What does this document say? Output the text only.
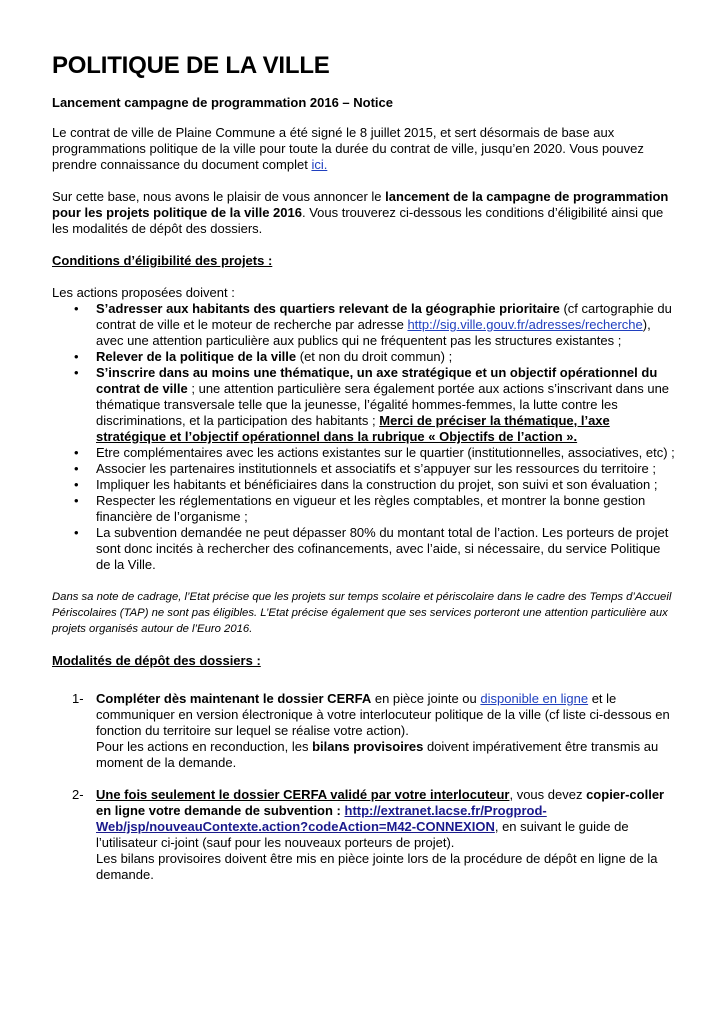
POLITIQUE DE LA VILLE
Lancement campagne de programmation 2016 – Notice

Le contrat de ville de Plaine Commune a été signé le 8 juillet 2015, et sert désormais de base aux programmations politique de la ville pour toute la durée du contrat de ville, jusqu’en 2020. Vous pouvez prendre connaissance du document complet ici.

Sur cette base, nous avons le plaisir de vous annoncer le lancement de la campagne de programmation pour les projets politique de la ville 2016. Vous trouverez ci-dessous les conditions d’éligibilité ainsi que les modalités de dépôt des dossiers.

Conditions d’éligibilité des projets :

Les actions proposées doivent :

• S’adresser aux habitants des quartiers relevant de la géographie prioritaire (cf cartographie du contrat de ville et le moteur de recherche par adresse http://sig.ville.gouv.fr/adresses/recherche), avec une attention particulière aux publics qui ne fréquentent pas les structures existantes ;
• Relever de la politique de la ville (et non du droit commun) ;
• S’inscrire dans au moins une thématique, un axe stratégique et un objectif opérationnel du contrat de ville ; une attention particulière sera également portée aux actions s’inscrivant dans une thématique transversale telle que la jeunesse, l’égalité hommes-femmes, la lutte contre les discriminations, et la participation des habitants ; Merci de préciser la thématique, l’axe stratégique et l’objectif opérationnel dans la rubrique « Objectifs de l’action ».
• Etre complémentaires avec les actions existantes sur le quartier (institutionnelles, associatives, etc) ;
• Associer les partenaires institutionnels et associatifs et s’appuyer sur les ressources du territoire ;
• Impliquer les habitants et bénéficiaires dans la construction du projet, son suivi et son évaluation ;
• Respecter les réglementations en vigueur et les règles comptables, et montrer la bonne gestion financière de l’organisme ;
• La subvention demandée ne peut dépasser 80% du montant total de l’action. Les porteurs de projet sont donc incités à rechercher des cofinancements, avec l’aide, si nécessaire, du service Politique de la Ville.

Dans sa note de cadrage, l’Etat précise que les projets sur temps scolaire et périscolaire dans le cadre des Temps d’Accueil Périscolaires (TAP) ne sont pas éligibles. L’Etat précise également que ses services porteront une attention particulière aux projets organisés autour de l’Euro 2016.

Modalités de dépôt des dossiers :

1- Compléter dès maintenant le dossier CERFA en pièce jointe ou disponible en ligne et le communiquer en version électronique à votre interlocuteur politique de la ville (cf liste ci-dessous en fonction du territoire sur lequel se réalise votre action).
Pour les actions en reconduction, les bilans provisoires doivent impérativement être transmis au moment de la demande.
2- Une fois seulement le dossier CERFA validé par votre interlocuteur, vous devez copier-coller en ligne votre demande de subvention : http://extranet.lacse.fr/Progprod-Web/jsp/nouveauContexte.action?codeAction=M42-CONNEXION, en suivant le guide de l’utilisateur ci-joint (sauf pour les nouveaux porteurs de projet).
Les bilans provisoires doivent être mis en pièce jointe lors de la procédure de dépôt en ligne de la demande.
